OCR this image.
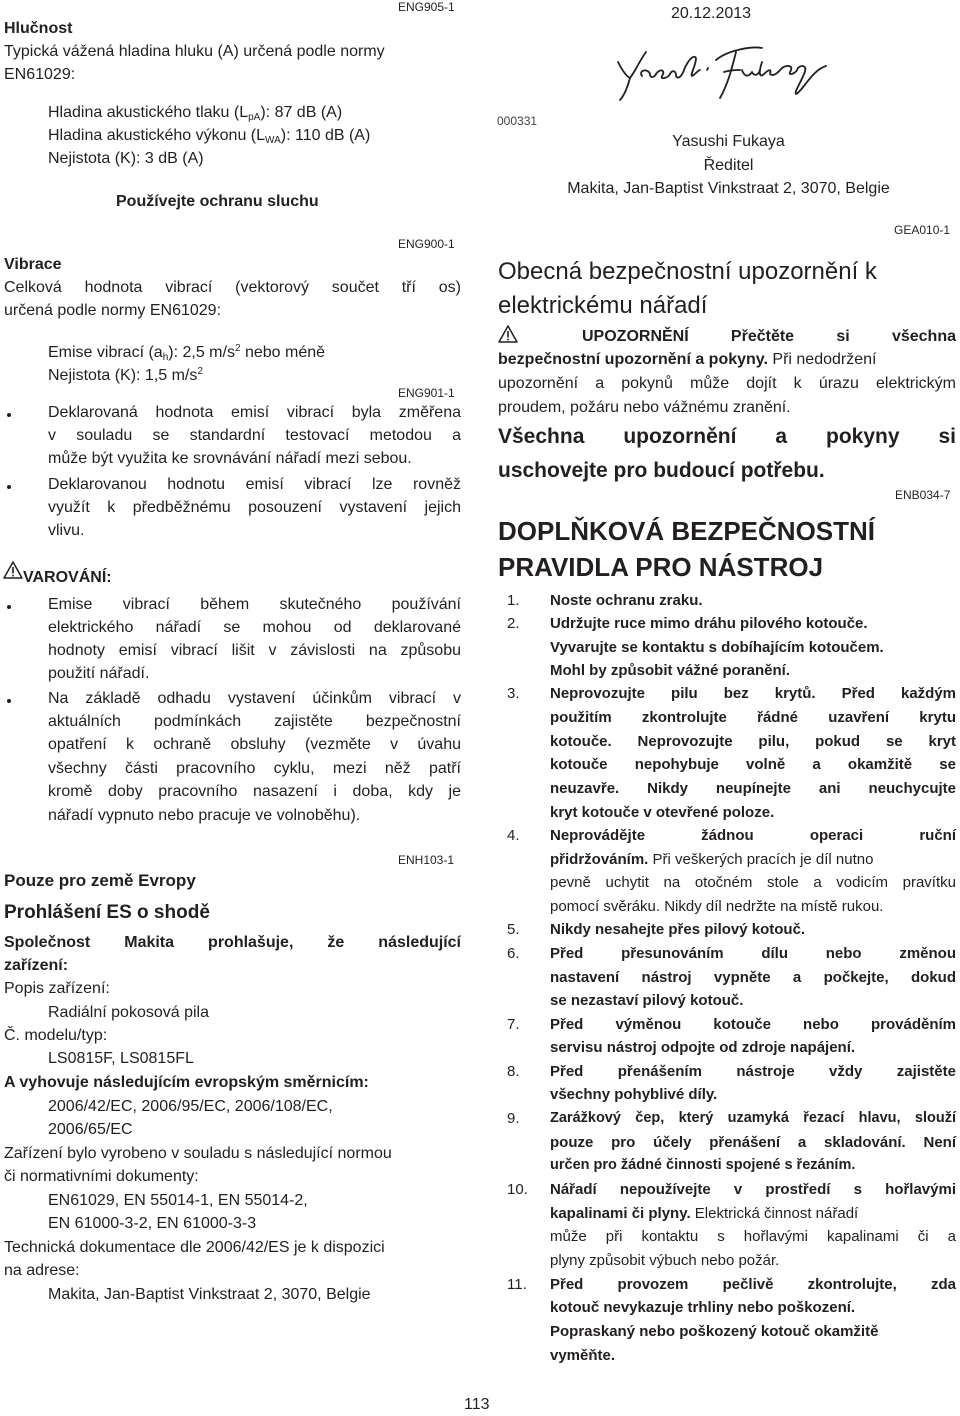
ENG905-1
Hlučnost
Typická vážená hladina hluku (A) určená podle normy
EN61029:
Hladina akustického tlaku $(L_{pA})$: 87 dB (A)
Hladina akustického výkonu $(L_{WA})$: 110 dB (A)
Nejistota (K): 3 dB (A)
Používejte ochranu sluchu
ENG900-1
Vibrace
Celková hodnota vibrací (vektorový součet tří os)
určená podle normy EN61029:
Emise vibrací $(a_h)$: 2,5 $m/s^2$ nebo méně
Nejistota (K): 1,5 $m/s^2$
ENG901-1
Deklarovaná hodnota emisí vibrací byla změřena
v souladu se standardní testovací metodou a
může být využita ke srovnávání nářadí mezi sebou.
Deklarovanou hodnotu emisí vibrací lze rovněž
využít k předběžnému posouzení vystavení jejich
vlivu.
VAROVÁNÍ:
Emise vibrací během skutečného používání
elektrického nářadí se mohou od deklarované
hodnoty emisí vibrací lišit v závislosti na způsobu
použití nářadí.
Na základě odhadu vystavení účinkům vibrací v
aktuálních podmínkách zajistěte bezpečnostní
opatření k ochraně obsluhy (vezměte v úvahu
všechny části pracovního cyklu, mezi něž patří
kromě doby pracovního nasazení i doba, kdy je
nářadí vypnuto nebo pracuje ve volnoběhu).
ENH103-1
Pouze pro země Evropy
Prohlášení ES o shodě
Společnost Makita prohlašuje, že následující
zařízení:
Popis zařízení:
Radiální pokosová pila
Č. modelu/typ:
LS0815F, LS0815FL
A vyhovuje následujícím evropským směrnicím:
2006/42/EC, 2006/95/EC, 2006/108/EC,
2006/65/EC
Zařízení bylo vyrobeno v souladu s následující normou
či normativními dokumenty:
EN61029, EN 55014-1, EN 55014-2,
EN 61000-3-2, EN 61000-3-3
Technická dokumentace dle 2006/42/ES je k dispozici
na adrese:
Makita, Jan-Baptist Vinkstraat 2, 3070, Belgie
20.12.2013
000331
Yasushi Fukaya
Ředitel
Makita, Jan-Baptist Vinkstraat 2, 3070, Belgie
GEA010-1
Obecná bezpečnostní upozornění k
elektrickému nářadí
UPOZORNĚNÍ Přečtěte si všechna
bezpečnostní upozornění a pokyny. Při nedodržení
upozornění a pokynů může dojít k úrazu elektrickým
proudem, požáru nebo vážnému zranění.
Všechna upozornění a pokyny si
uschovejte pro budoucí potřebu.
ENB034-7
DOPLŇKOVÁ BEZPEČNOSTNÍ
PRAVIDLA PRO NÁSTROJ
1.
2.
3.
4.
5.
6.
7.
8.
9.
10.
11.
Noste ochranu zraku.
Udržujte ruce mimo dráhu pilového kotouče.
Vyvarujte se kontaktu s dobíhajícím kotoučem.
Mohl by způsobit vážné poranění.
Neprovozujte pilu bez krytů. Před každým
použitím zkontrolujte řádné uzavření krytu
kotouče. Neprovozujte pilu, pokud se kryt
kotouče nepohybuje volně a okamžitě se
neuzavře. Nikdy neupínejte ani neuchycujte
kryt kotouče v otevřené poloze.
Neprovádějte žádnou operaci ruční
přidržováním. Při veškerých pracích je díl nutno
pevně uchytit na otočném stole a vodicím pravítku
pomocí svěráku. Nikdy díl nedržte na místě rukou.
Nikdy nesahejte přes pilový kotouč.
Před přesunováním dílu nebo změnou
nastavení nástroj vypněte a počkejte, dokud
se nezastaví pilový kotouč.
Před výměnou kotouče nebo prováděním
servisu nástroj odpojte od zdroje napájení.
Před přenášením nástroje vždy zajistěte
všechny pohyblivé díly.
Zarážkový čep, který uzamyká řezací hlavu, slouží
pouze pro účely přenášení a skladování. Není
určen pro žádné činnosti spojené s řezáním.
Nářadí nepoužívejte v prostředí s hořlavými
kapalinami či plyny. Elektrická činnost nářadí
může při kontaktu s hořlavými kapalinami či a
plyny způsobit výbuch nebo požár.
Před provozem pečlivě zkontrolujte, zda
kotouč nevykazuje trhliny nebo poškození.
Popraskaný nebo poškozený kotouč okamžitě
vyměňte.
113
